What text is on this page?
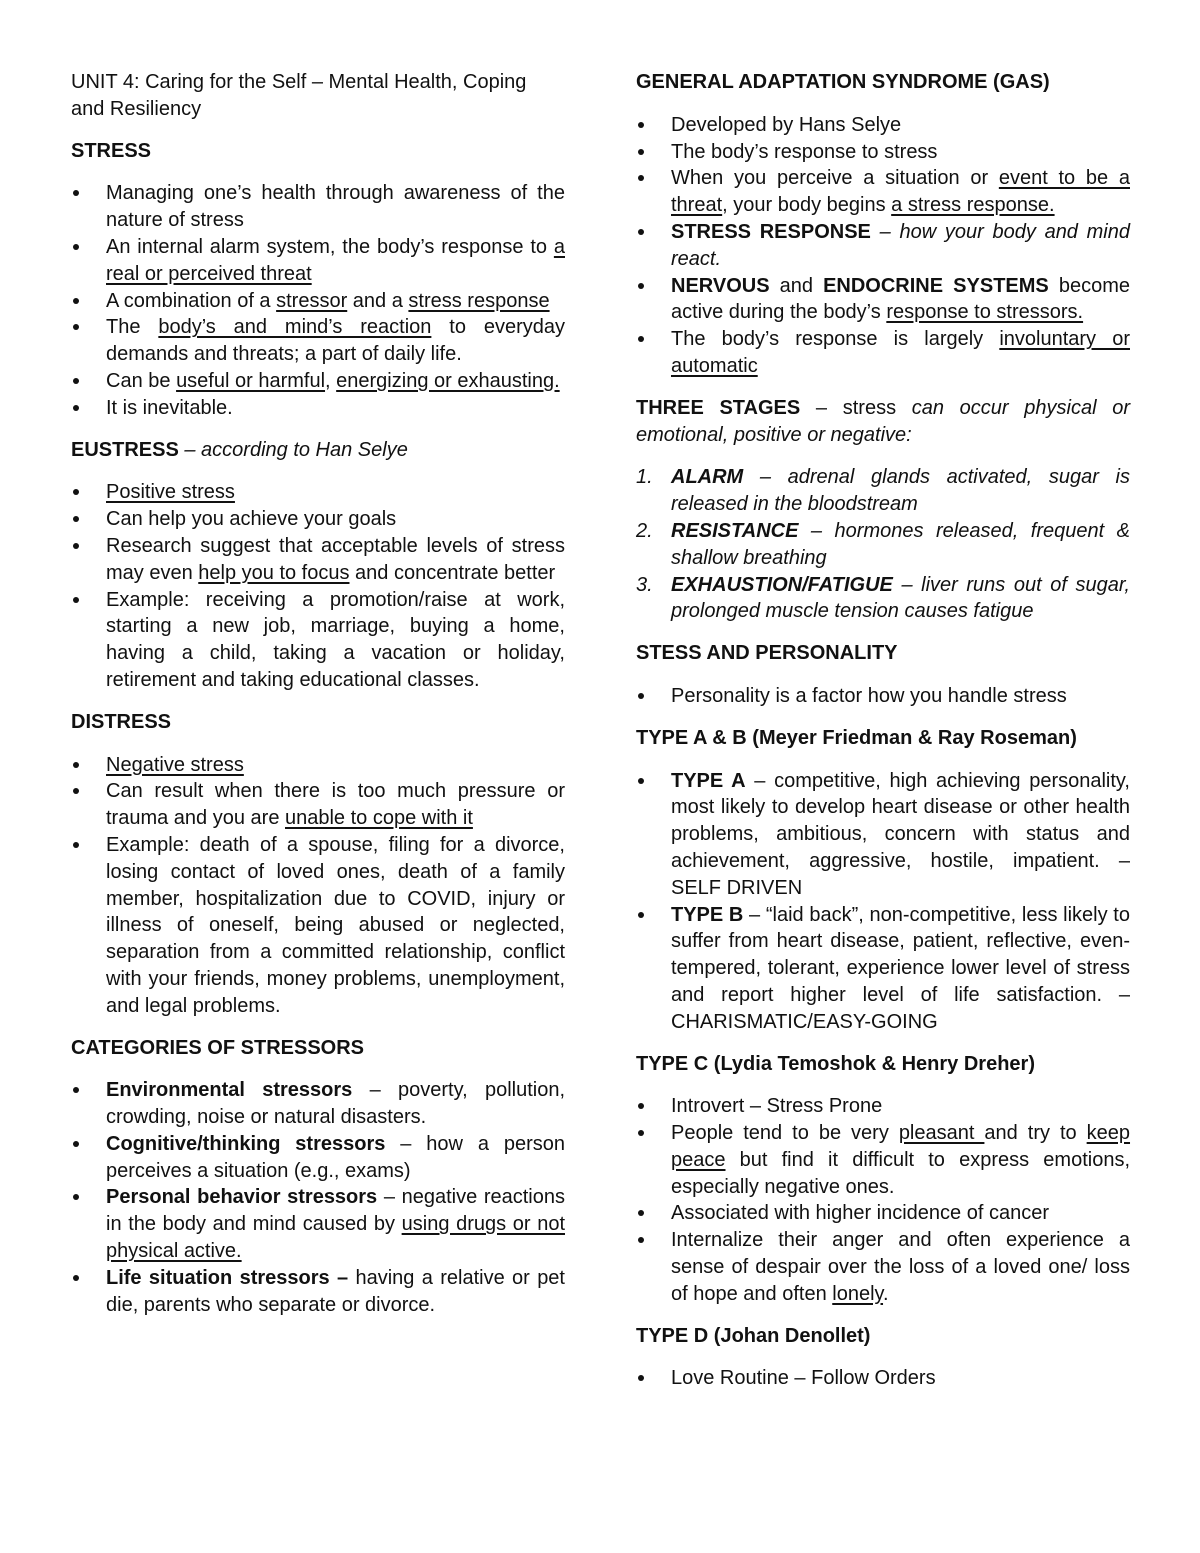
UNIT 4: Caring for the Self – Mental Health, Coping and Resiliency

STRESS

Managing one’s health through awareness of the nature of stress
An internal alarm system, the body’s response to a real or perceived threat
A combination of a stressor and a stress response
The body’s and mind’s reaction to everyday demands and threats; a part of daily life.
Can be useful or harmful, energizing or exhausting.
It is inevitable.

EUSTRESS – according to Han Selye

Positive stress
Can help you achieve your goals
Research suggest that acceptable levels of stress may even help you to focus and concentrate better
Example: receiving a promotion/raise at work, starting a new job, marriage, buying a home, having a child, taking a vacation or holiday, retirement and taking educational classes.

DISTRESS

Negative stress
Can result when there is too much pressure or trauma and you are unable to cope with it
Example: death of a spouse, filing for a divorce, losing contact of loved ones, death of a family member, hospitalization due to COVID, injury or illness of oneself, being abused or neglected, separation from a committed relationship, conflict with your friends, money problems, unemployment, and legal problems.

CATEGORIES OF STRESSORS

Environmental stressors – poverty, pollution, crowding, noise or natural disasters.
Cognitive/thinking stressors – how a person perceives a situation (e.g., exams)
Personal behavior stressors – negative reactions in the body and mind caused by using drugs or not physical active.
Life situation stressors – having a relative or pet die, parents who separate or divorce.

GENERAL ADAPTATION SYNDROME (GAS)

Developed by Hans Selye
The body’s response to stress
When you perceive a situation or event to be a threat, your body begins a stress response.
STRESS RESPONSE – how your body and mind react.
NERVOUS and ENDOCRINE SYSTEMS become active during the body’s response to stressors.
The body’s response is largely involuntary or automatic

THREE STAGES – stress can occur physical or emotional, positive or negative:

1. ALARM – adrenal glands activated, sugar is released in the bloodstream
2. RESISTANCE – hormones released, frequent & shallow breathing
3. EXHAUSTION/FATIGUE – liver runs out of sugar, prolonged muscle tension causes fatigue

STESS AND PERSONALITY

Personality is a factor how you handle stress

TYPE A & B (Meyer Friedman & Ray Roseman)

TYPE A – competitive, high achieving personality, most likely to develop heart disease or other health problems, ambitious, concern with status and achievement, aggressive, hostile, impatient. – SELF DRIVEN
TYPE B – “laid back”, non-competitive, less likely to suffer from heart disease, patient, reflective, even-tempered, tolerant, experience lower level of stress and report higher level of life satisfaction. – CHARISMATIC/EASY-GOING

TYPE C (Lydia Temoshok & Henry Dreher)

Introvert – Stress Prone
People tend to be very pleasant and try to keep peace but find it difficult to express emotions, especially negative ones.
Associated with higher incidence of cancer
Internalize their anger and often experience a sense of despair over the loss of a loved one/ loss of hope and often lonely.

TYPE D (Johan Denollet)

Love Routine – Follow Orders
